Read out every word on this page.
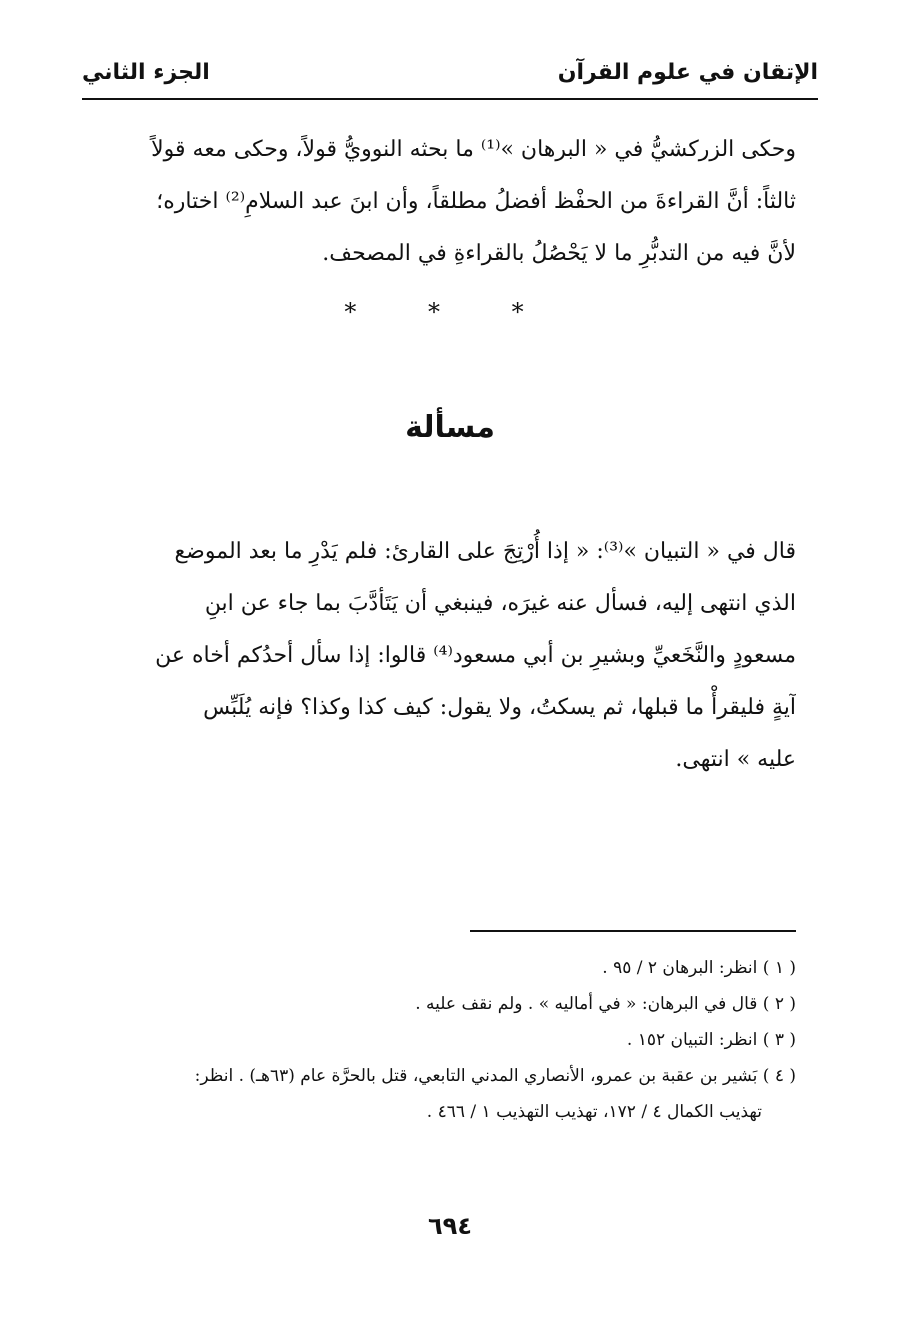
الإتقان في علوم القرآن
الجزء الثاني
وحكى الزركشيُّ في « البرهان »⁽¹⁾ ما بحثه النوويُّ قولاً، وحكى معه قولاً
ثالثاً: أنَّ القراءةَ من الحفْظ أفضلُ مطلقاً، وأن ابنَ عبد السلامِ⁽²⁾ اختاره؛
لأنَّ فيه من التدبُّرِ ما لا يَحْصُلُ بالقراءةِ في المصحف.
* * *
مسألة
قال في « التبيان »⁽³⁾: « إذا أُرْتِجَ على القارئ: فلم يَدْرِ ما بعد الموضع
الذي انتهى إليه، فسأل عنه غيرَه، فينبغي أن يَتَأدَّبَ بما جاء عن ابنِ
مسعودٍ والنَّخَعيِّ وبشيرِ بن أبي مسعود⁽⁴⁾ قالوا: إذا سأل أحدُكم أخاه عن
آيةٍ فليقرأْ ما قبلها، ثم يسكتُ، ولا يقول: كيف كذا وكذا؟ فإنه يُلَبِّس
عليه » انتهى.
( ١ ) انظر: البرهان ٢ / ٩٥ .
( ٢ ) قال في البرهان: « في أماليه » . ولم نقف عليه .
( ٣ ) انظر: التبيان ١٥٢ .
( ٤ ) بَشير بن عقبة بن عمرو، الأنصاري المدني التابعي، قتل بالحرَّة عام (٦٣هـ) . انظر:
تهذيب الكمال ٤ / ١٧٢، تهذيب التهذيب ١ / ٤٦٦ .
٦٩٤
